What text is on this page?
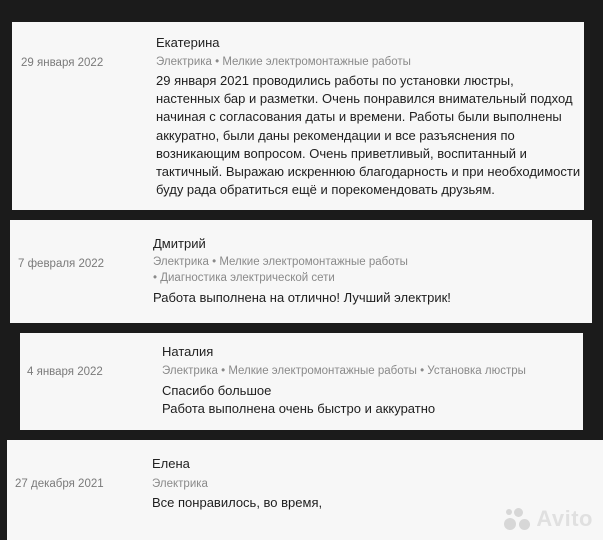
29 января 2022
Екатерина
Электрика • Мелкие электромонтажные работы
29 января 2021 проводились работы по установки люстры, настенных бар и разметки. Очень понравился внимательный подход начиная с согласования даты и времени. Работы были выполнены аккуратно, были даны рекомендации и все разъяснения по возникающим вопросом. Очень приветливый, воспитанный и тактичный. Выражаю искреннюю благодарность и при необходимости буду рада обратиться ещё и порекомендовать друзьям.
7 февраля 2022
Дмитрий
Электрика • Мелкие электромонтажные работы
• Диагностика электрической сети
Работа выполнена на отлично! Лучший электрик!
4 января 2022
Наталия
Электрика • Мелкие электромонтажные работы • Установка люстры
Спасибо большое
Работа выполнена очень быстро и аккуратно
27 декабря 2021
Елена
Электрика
Все понравилось, во время,
Avito
